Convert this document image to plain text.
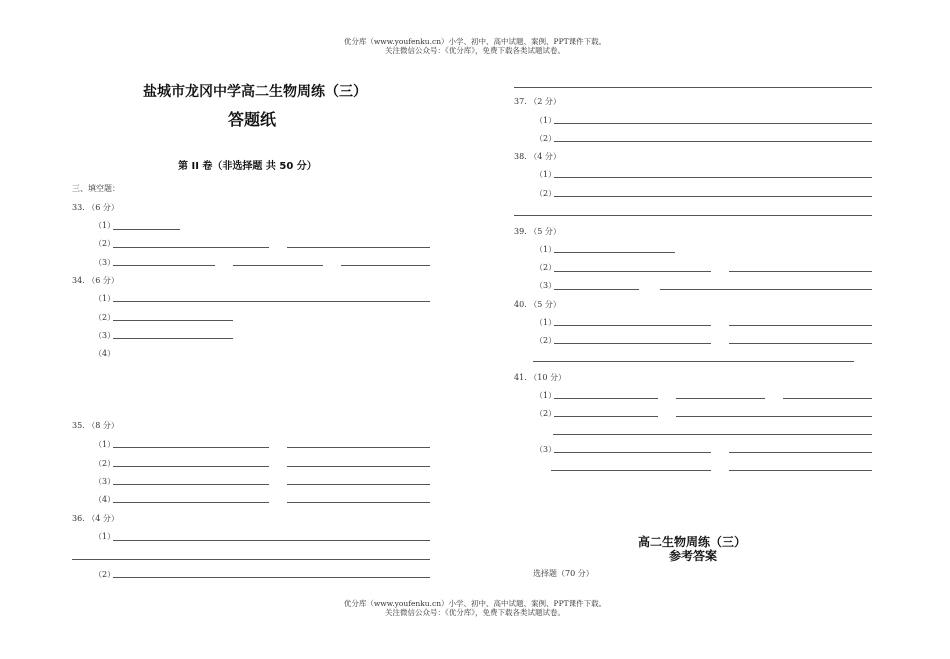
优分库（www.youfenku.cn）小学、初中、高中试题、案例、PPT课件下载。
关注微信公众号：《优分库》，免费下载各类试题试卷。
盐城市龙冈中学高二生物周练（三）
答题纸
第 II 卷（非选择题 共 50 分）
三、填空题：
33. （6 分）
（1）
（2）
（3）
34. （6 分）
（1）
（2）
（3）
（4）
35. （8 分）
（1）
（2）
（3）
（4）
36. （4 分）
（1）
（2）
37. （2 分）
（1）
（2）
38. （4 分）
（1）
（2）
39. （5 分）
（1）
（2）
（3）
40. （5 分）
（1）
（2）
41. （10 分）
（1）
（2）
（3）
高二生物周练（三）
参考答案
选择题（70 分）
优分库（www.youfenku.cn）小学、初中、高中试题、案例、PPT课件下载。
关注微信公众号：《优分库》，免费下载各类试题试卷。
